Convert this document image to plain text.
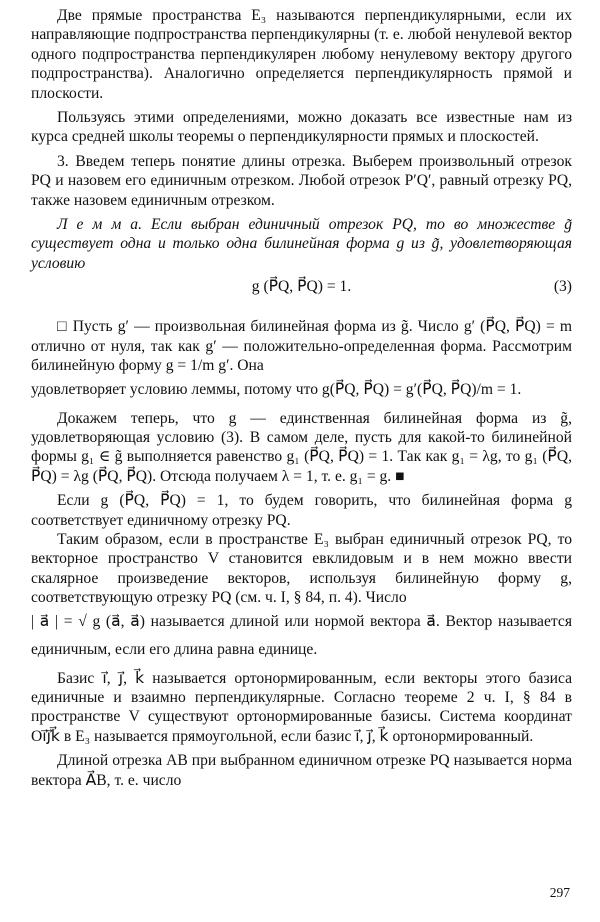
Две прямые пространства E₃ называются перпендикулярными, если их направляющие подпространства перпендикулярны (т. е. любой ненулевой вектор одного подпространства перпендикулярен любому ненулевому вектору другого подпространства). Аналогично определяется перпендикулярность прямой и плоскости.

Пользуясь этими определениями, можно доказать все известные нам из курса средней школы теоремы о перпендикулярности прямых и плоскостей.

3. Введем теперь понятие длины отрезка. Выберем произвольный отрезок PQ и назовем его единичным отрезком. Любой отрезок P′Q′, равный отрезку PQ, также назовем единичным отрезком.

Л е м м а. Если выбран единичный отрезок PQ, то во множестве g̃ существует одна и только одна билинейная форма g из g̃, удовлетворяющая условию

g (P⃗Q, P⃗Q) = 1.	(3)

□ Пусть g′ — произвольная билинейная форма из g̃. Число g′ (P⃗Q, P⃗Q) = m отлично от нуля, так как g′ — положительно-определенная форма. Рассмотрим билинейную форму g = 1/m g′. Она

удовлетворяет условию леммы, потому что g(P⃗Q, P⃗Q) = g′(P⃗Q, P⃗Q)/m = 1.

Докажем теперь, что g — единственная билинейная форма из g̃, удовлетворяющая условию (3). В самом деле, пусть для какой-то билинейной формы g₁ ∈ g̃ выполняется равенство g₁ (P⃗Q, P⃗Q) = 1. Так как g₁ = λg, то g₁ (P⃗Q, P⃗Q) = λg (P⃗Q, P⃗Q). Отсюда получаем λ = 1, т. е. g₁ = g. ■

Если g (P⃗Q, P⃗Q) = 1, то будем говорить, что билинейная форма g соответствует единичному отрезку PQ.

Таким образом, если в пространстве E₃ выбран единичный отрезок PQ, то векторное пространство V становится евклидовым и в нем можно ввести скалярное произведение векторов, используя билинейную форму g, соответствующую отрезку PQ (см. ч. I, § 84, п. 4). Число

| a⃗ | = √ g (a⃗, a⃗) называется длиной или нормой вектора a⃗. Вектор называется единичным, если его длина равна единице.

Базис i⃗, j⃗, k⃗ называется ортонормированным, если векторы этого базиса единичные и взаимно перпендикулярные. Согласно теореме 2 ч. I, § 84 в пространстве V существуют ортонормированные базисы. Система координат Oi⃗j⃗k⃗ в E₃ называется прямоугольной, если базис i⃗, j⃗, k⃗ ортонормированный.

Длиной отрезка AB при выбранном единичном отрезке PQ называется норма вектора A⃗B, т. е. число

297
